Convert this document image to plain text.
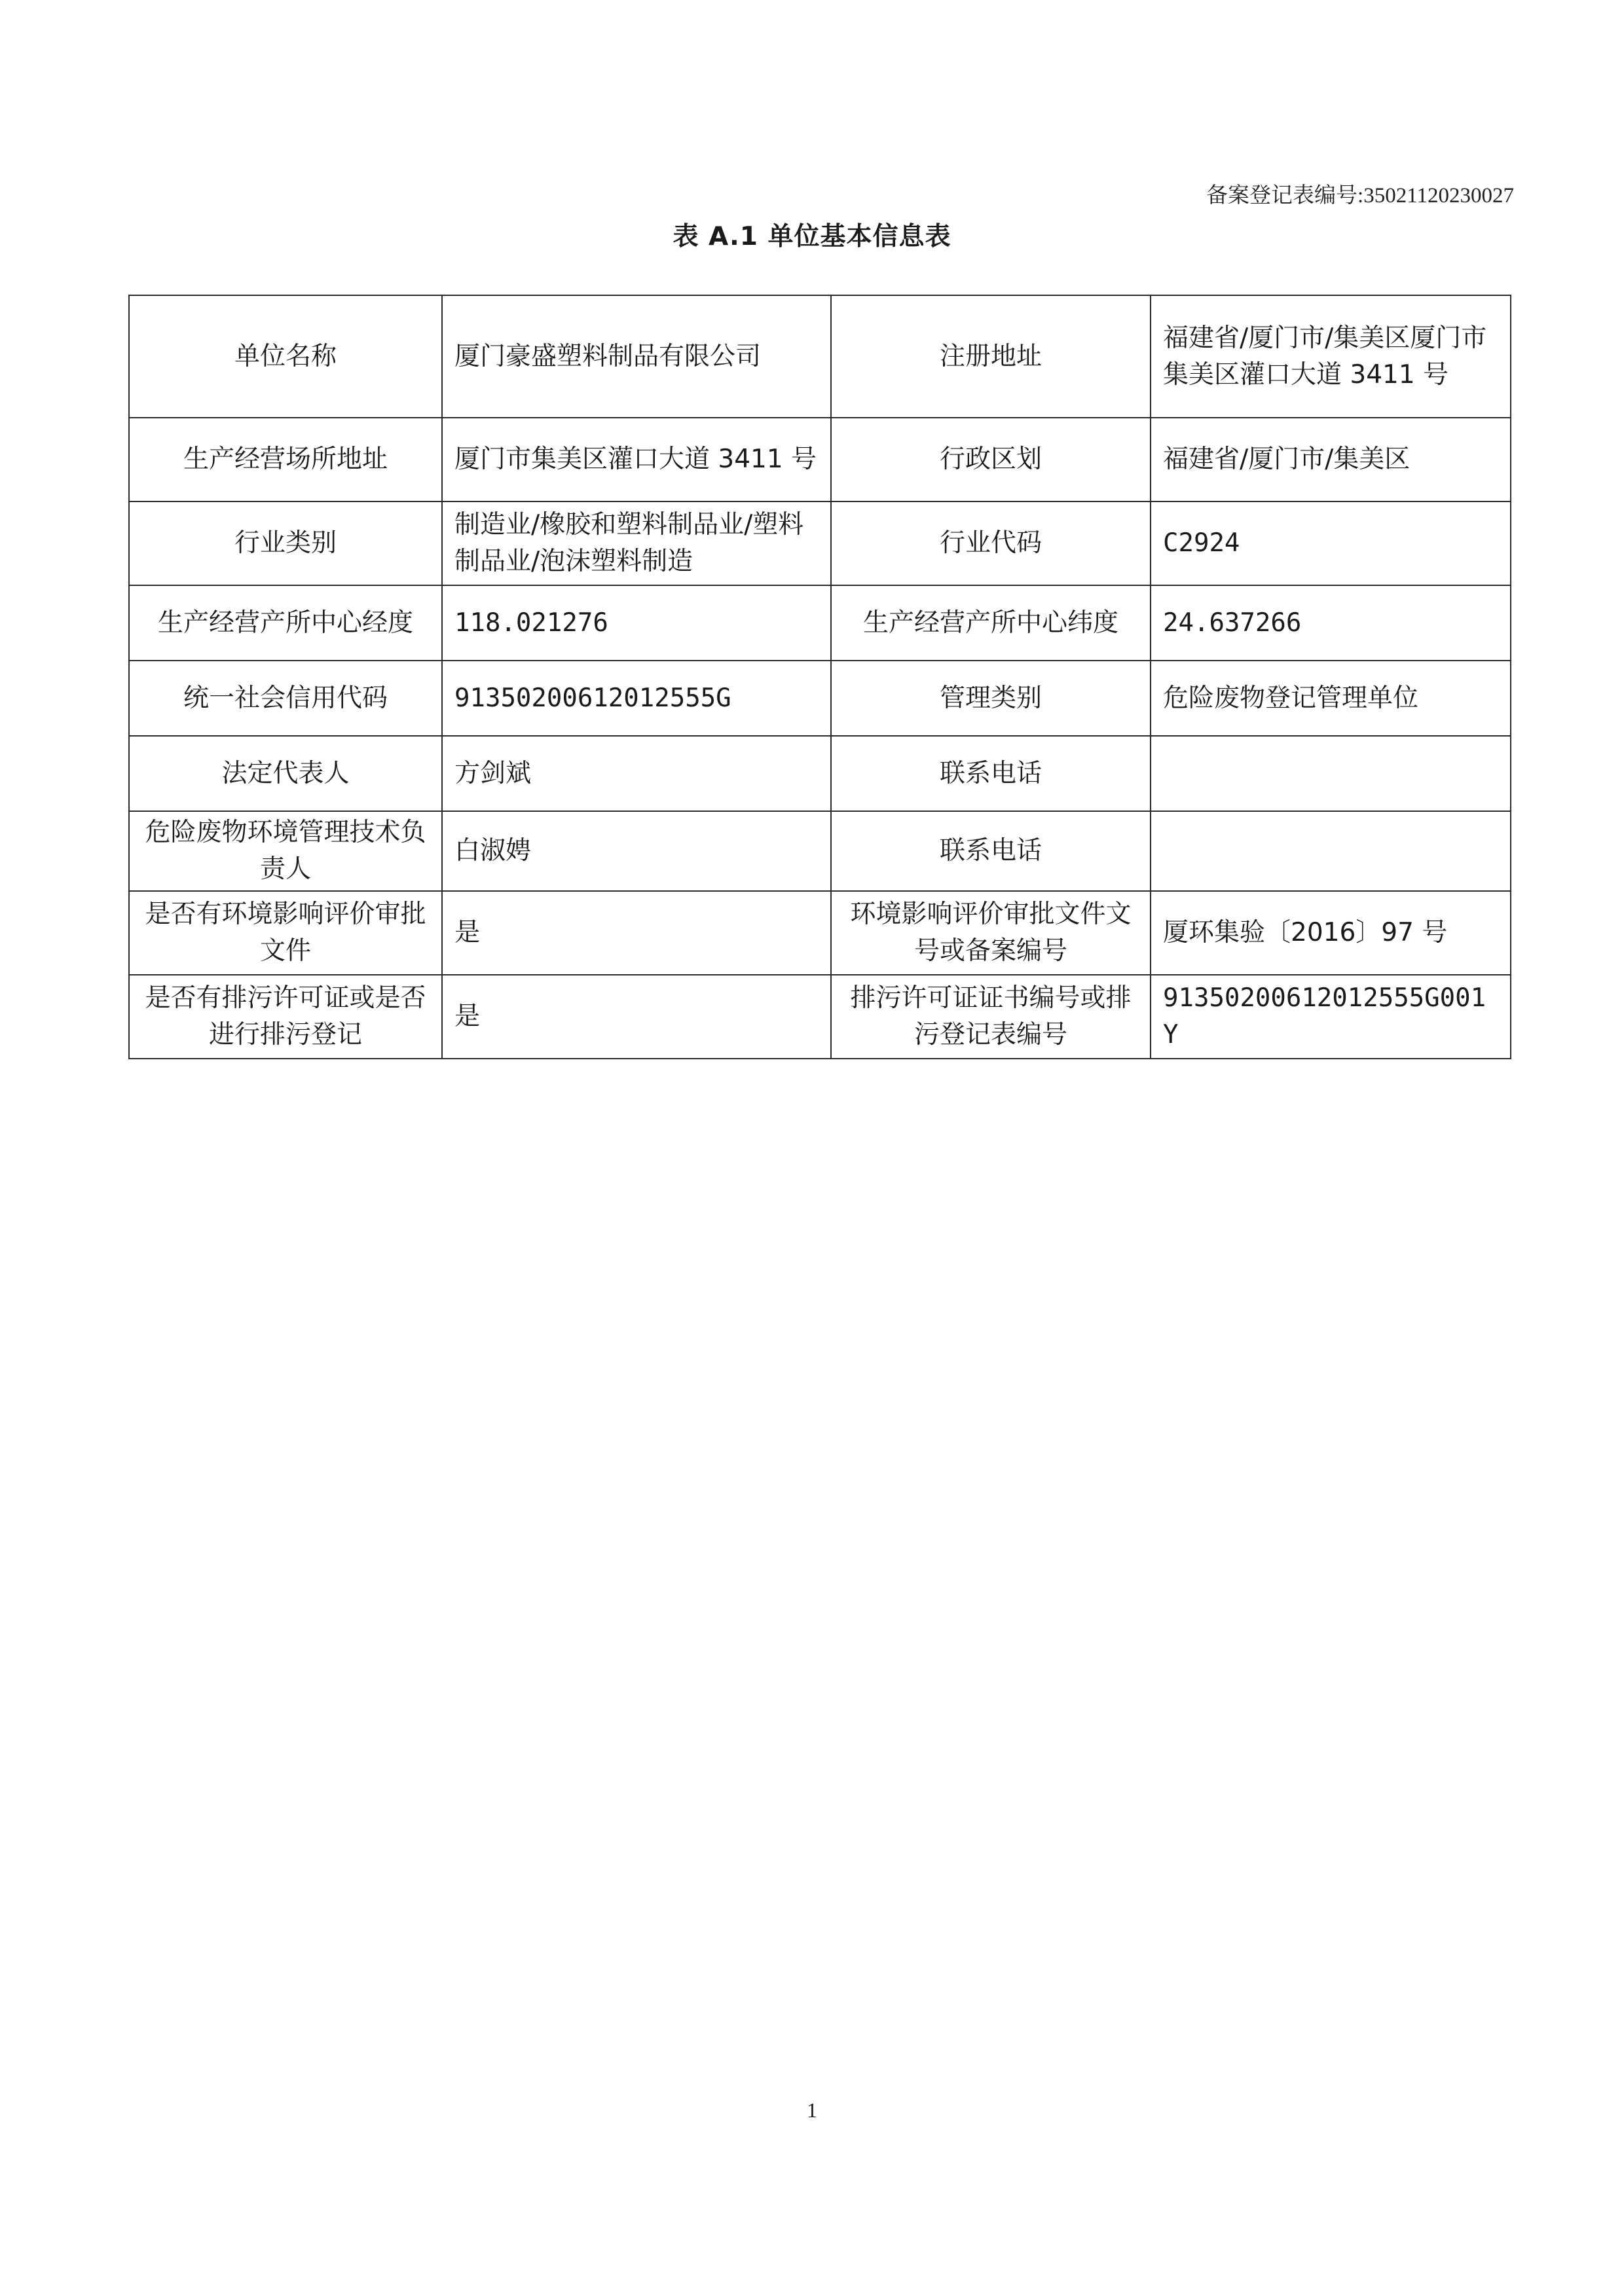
备案登记表编号:35021120230027
表 A.1 单位基本信息表
单位名称	厦门豪盛塑料制品有限公司	注册地址	福建省/厦门市/集美区厦门市集美区灌口大道 3411 号
生产经营场所地址	厦门市集美区灌口大道 3411 号	行政区划	福建省/厦门市/集美区
行业类别	制造业/橡胶和塑料制品业/塑料制品业/泡沫塑料制造	行业代码	C2924
生产经营产所中心经度	118.021276	生产经营产所中心纬度	24.637266
统一社会信用代码	91350200612012555G	管理类别	危险废物登记管理单位
法定代表人	方剑斌	联系电话	
危险废物环境管理技术负责人	白淑娉	联系电话	
是否有环境影响评价审批文件	是	环境影响评价审批文件文号或备案编号	厦环集验〔2016〕97 号
是否有排污许可证或是否进行排污登记	是	排污许可证证书编号或排污登记表编号	91350200612012555G001Y
1
